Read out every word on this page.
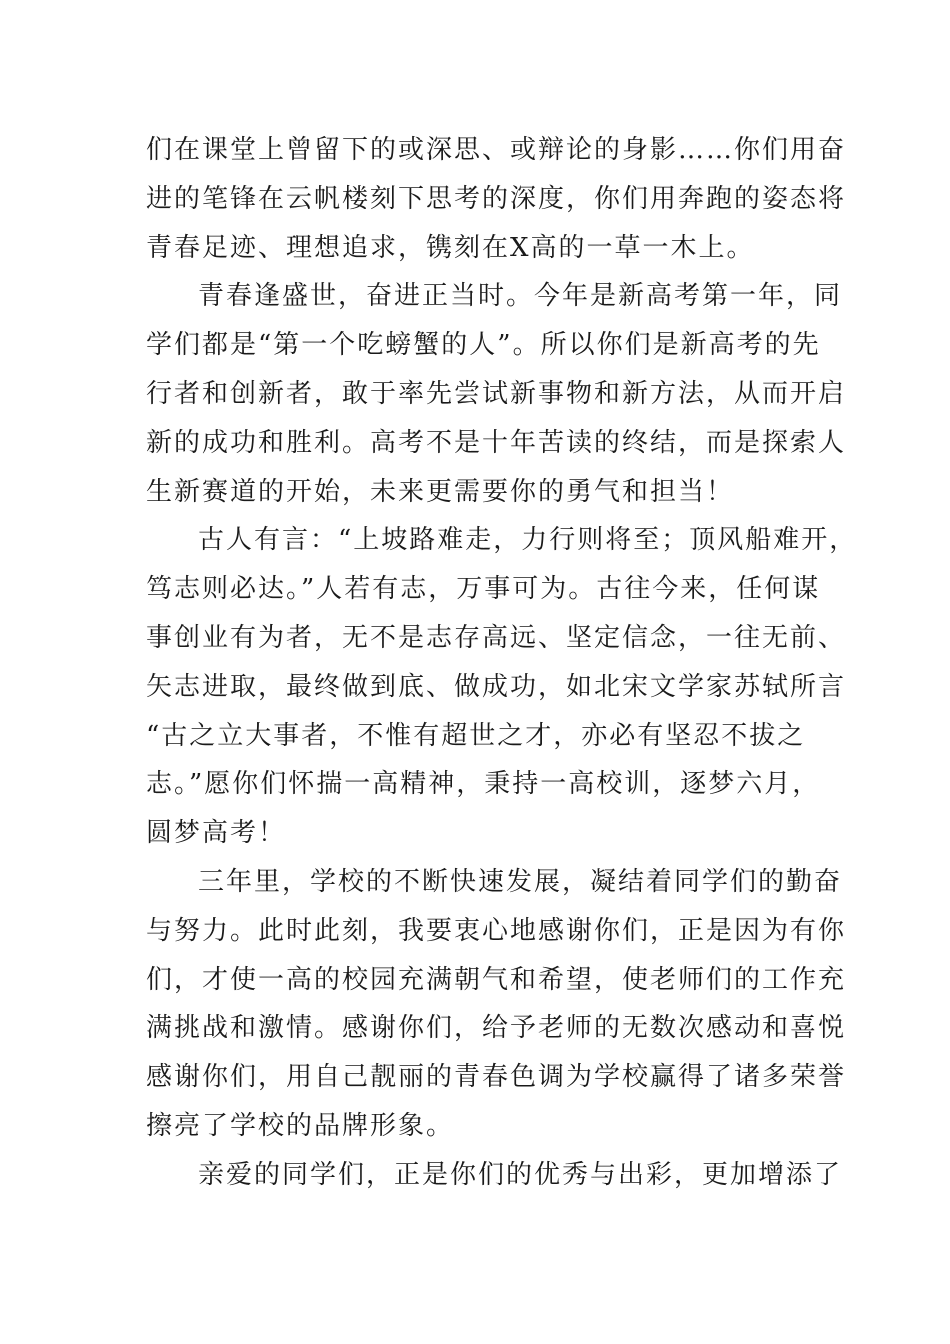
们在课堂上曾留下的或深思、或辩论的身影……你们用奋
进的笔锋在云帆楼刻下思考的深度，你们用奔跑的姿态将
青春足迹、理想追求，镌刻在X高的一草一木上。
青春逢盛世，奋进正当时。今年是新高考第一年，同
学们都是“第一个吃螃蟹的人”。所以你们是新高考的先
行者和创新者，敢于率先尝试新事物和新方法，从而开启
新的成功和胜利。高考不是十年苦读的终结，而是探索人
生新赛道的开始，未来更需要你的勇气和担当！
古人有言：“上坡路难走，力行则将至；顶风船难开，
笃志则必达。”人若有志，万事可为。古往今来，任何谋
事创业有为者，无不是志存高远、坚定信念，一往无前、
矢志进取，最终做到底、做成功，如北宋文学家苏轼所言
“古之立大事者，不惟有超世之才，亦必有坚忍不拔之
志。”愿你们怀揣一高精神，秉持一高校训，逐梦六月，
圆梦高考！
三年里，学校的不断快速发展，凝结着同学们的勤奋
与努力。此时此刻，我要衷心地感谢你们，正是因为有你
们，才使一高的校园充满朝气和希望，使老师们的工作充
满挑战和激情。感谢你们，给予老师的无数次感动和喜悦
感谢你们，用自己靓丽的青春色调为学校赢得了诸多荣誉
擦亮了学校的品牌形象。
亲爱的同学们，正是你们的优秀与出彩，更加增添了
